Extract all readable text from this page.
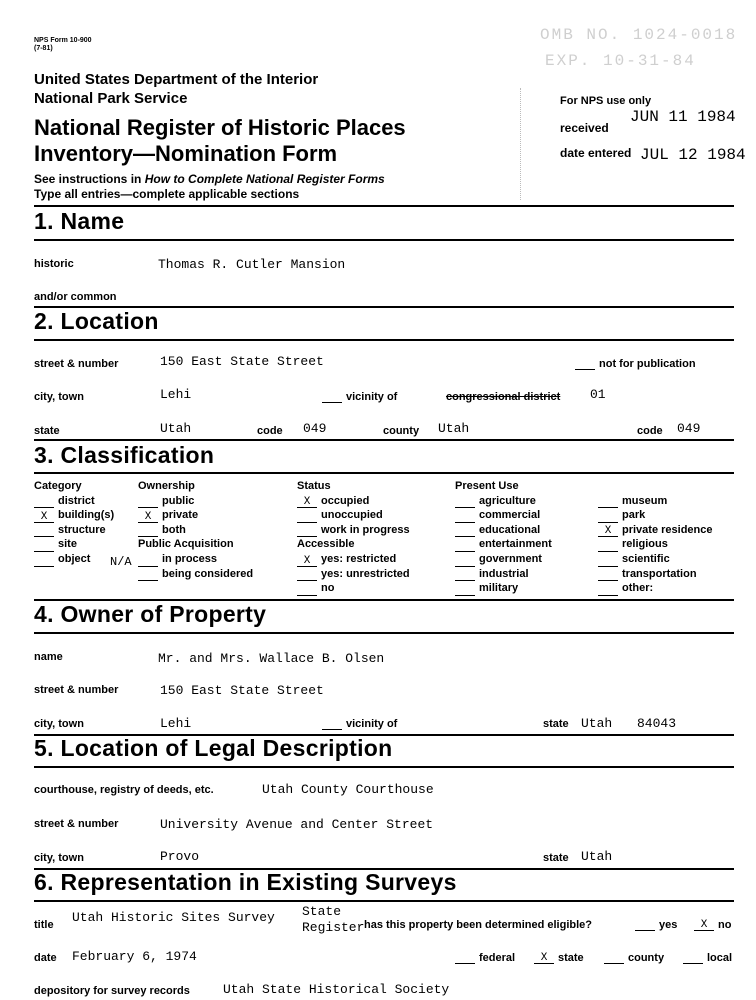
NPS Form 10-900
(7-81)
United States Department of the Interior
National Park Service
National Register of Historic Places
Inventory—Nomination Form
See instructions in How to Complete National Register Forms
Type all entries—complete applicable sections
OMB NO. 1024-0018
EXP. 10-31-84
For NPS use only
received
JUN 11 1984
date entered JUL 12 1984
1. Name
historic	Thomas R. Cutler Mansion
and/or common
2. Location
street & number	150 East State Street	not for publication
city, town	Lehi	vicinity of	congressional district 01
state	Utah	code 049	county Utah	code 049
3. Classification
Category
district
X building(s)
structure
site
object
Ownership
public
X private
both
Public Acquisition
in process
being considered
N/A
Status
X occupied
unoccupied
work in progress
Accessible
X yes: restricted
yes: unrestricted
no
Present Use
agriculture
commercial
educational
entertainment
government
industrial
military
museum
park
X private residence
religious
scientific
transportation
other:
4. Owner of Property
name	Mr. and Mrs. Wallace B. Olsen
street & number	150 East State Street
city, town	Lehi	vicinity of	state Utah 84043
5. Location of Legal Description
courthouse, registry of deeds, etc.	Utah County Courthouse
street & number	University Avenue and Center Street
city, town	Provo	state Utah
6. Representation in Existing Surveys
title Utah Historic Sites Survey State
Register has this property been determined eligible?	yes	X no
date February 6, 1974	federal	X state	county	local
depository for survey records	Utah State Historical Society
